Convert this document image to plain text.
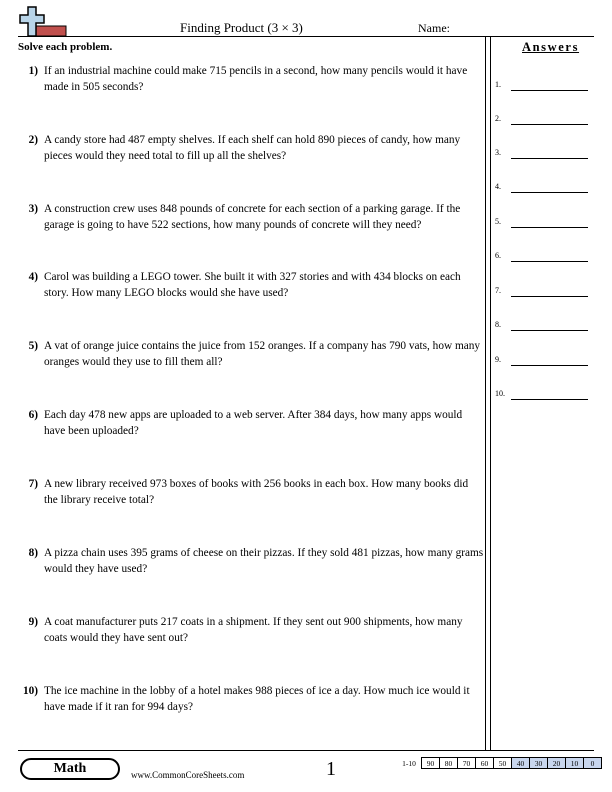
Finding Product (3 × 3)	Name:
Solve each problem.
1) If an industrial machine could make 715 pencils in a second, how many pencils would it have made in 505 seconds?
2) A candy store had 487 empty shelves. If each shelf can hold 890 pieces of candy, how many pieces would they need total to fill up all the shelves?
3) A construction crew uses 848 pounds of concrete for each section of a parking garage. If the garage is going to have 522 sections, how many pounds of concrete will they need?
4) Carol was building a LEGO tower. She built it with 327 stories and with 434 blocks on each story. How many LEGO blocks would she have used?
5) A vat of orange juice contains the juice from 152 oranges. If a company has 790 vats, how many oranges would they use to fill them all?
6) Each day 478 new apps are uploaded to a web server. After 384 days, how many apps would have been uploaded?
7) A new library received 973 boxes of books with 256 books in each box. How many books did the library receive total?
8) A pizza chain uses 395 grams of cheese on their pizzas. If they sold 481 pizzas, how many grams would they have used?
9) A coat manufacturer puts 217 coats in a shipment. If they sent out 900 shipments, how many coats would they have sent out?
10) The ice machine in the lobby of a hotel makes 988 pieces of ice a day. How much ice would it have made if it ran for 994 days?
Answers
1.
2.
3.
4.
5.
6.
7.
8.
9.
10.
Math	www.CommonCoreSheets.com	1	1-10	90	80	70	60	50	40	30	20	10	0
